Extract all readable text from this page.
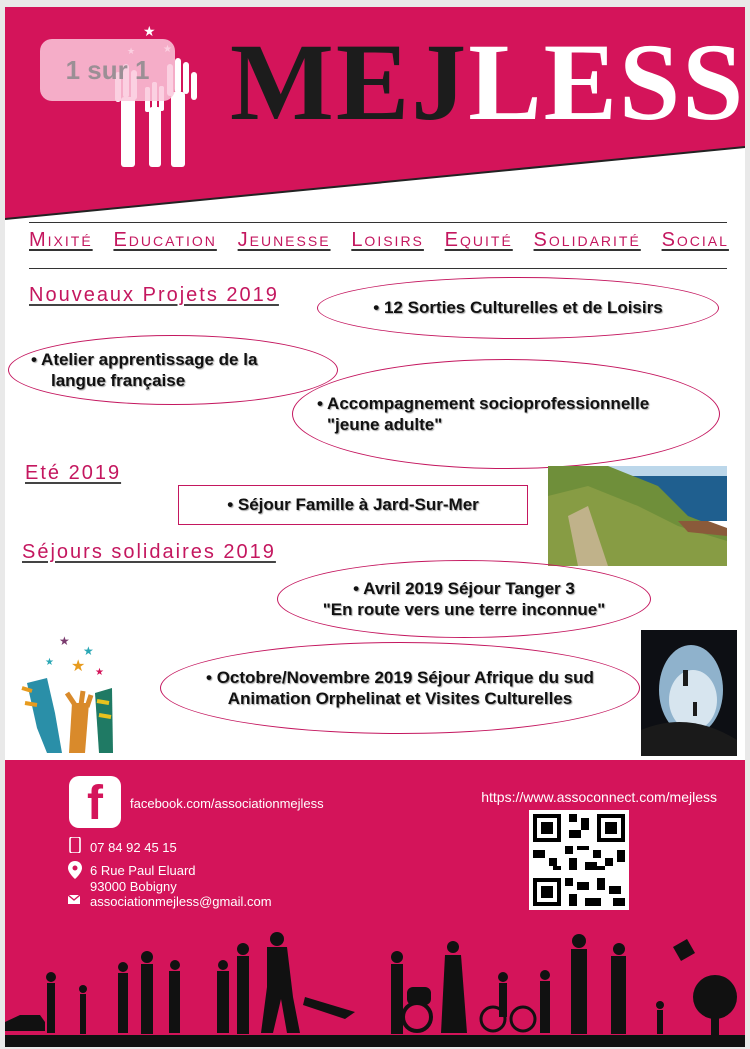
★
1 sur 1 MEJLESS
Mixité Education Jeunesse Loisirs Equité Solidarité Social
Nouveaux Projets 2019
• 12 Sorties Culturelles et de Loisirs
• Atelier apprentissage de la
langue française
• Accompagnement socioprofessionnelle
"jeune adulte"
Eté 2019
• Séjour Famille à Jard-Sur-Mer
Séjours solidaires 2019
• Avril 2019 Séjour Tanger 3
"En route vers une terre inconnue"
★
★
★
★
★	• Octobre/Novembre 2019 Séjour Afrique du sud
Animation Orphelinat et Visites Culturelles
f facebook.com/associationmejless	https://www.assoconnect.com/mejless
07 84 92 45 15
6 Rue Paul Eluard
93000 Bobigny
associationmejless@gmail.com
